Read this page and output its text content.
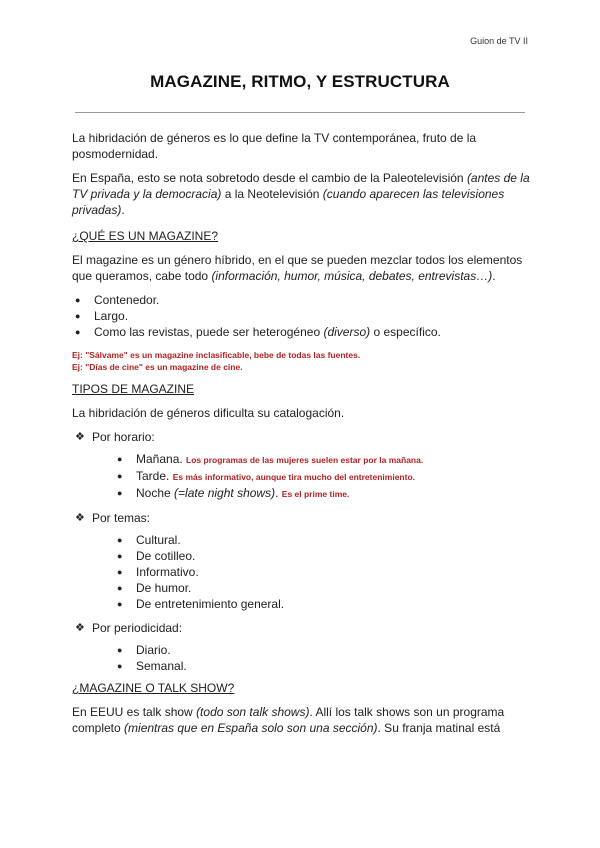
Guion de TV II
MAGAZINE, RITMO, Y ESTRUCTURA

La hibridación de géneros es lo que define la TV contemporánea, fruto de la posmodernidad.

En España, esto se nota sobretodo desde el cambio de la Paleotelevisión (antes de la TV privada y la democracia) a la Neotelevisión (cuando aparecen las televisiones privadas).

¿QUÉ ES UN MAGAZINE?

El magazine es un género híbrido, en el que se pueden mezclar todos los elementos que queramos, cabe todo (información, humor, música, debates, entrevistas…).

● Contenedor.
● Largo.
● Como las revistas, puede ser heterogéneo (diverso) o específico.

Ej: "Sálvame" es un magazine inclasificable, bebe de todas las fuentes.

Ej: "Días de cine" es un magazine de cine.

TIPOS DE MAGAZINE

La hibridación de géneros dificulta su catalogación.

❖ Por horario:
● Mañana. Los programas de las mujeres suelen estar por la mañana.
● Tarde. Es más informativo, aunque tira mucho del entretenimiento.
● Noche (=late night shows). Es el prime time.
❖ Por temas:
● Cultural.
● De cotilleo.
● Informativo.
● De humor.
● De entretenimiento general.
❖ Por periodicidad:
● Diario.
● Semanal.

¿MAGAZINE O TALK SHOW?

En EEUU es talk show (todo son talk shows). Allí los talk shows son un programa completo (mientras que en España solo son una sección). Su franja matinal está
